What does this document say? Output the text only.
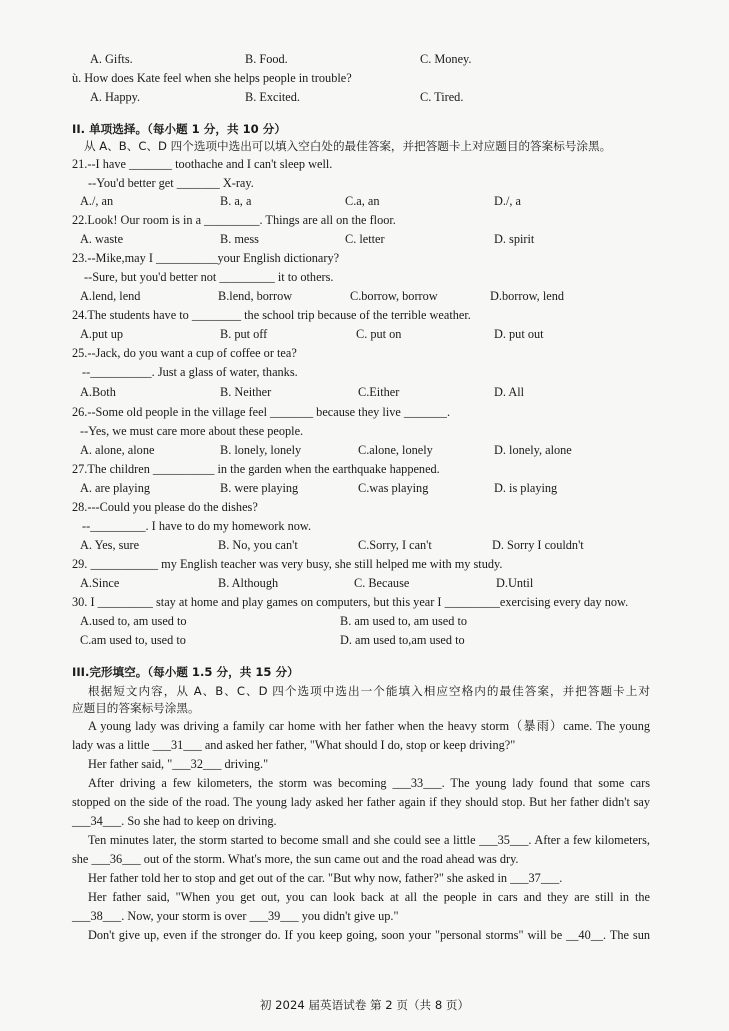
A. Gifts.	B. Food.	C. Money.
ù. How does Kate feel when she helps people in trouble?
A. Happy.	B. Excited.	C. Tired.
II. 单项选择。（每小题 1 分，共 10 分）
从 A、B、C、D 四个选项中选出可以填入空白处的最佳答案，并把答题卡上对应题目的答案标号涂黑。
21.--I have _______ toothache and I can't sleep well.
--You'd better get _______ X-ray.
A./, an	B. a, a	C.a, an	D./, a
22.Look! Our room is in a _________. Things are all on the floor.
A. waste	B. mess	C. letter	D. spirit
23.--Mike,may I __________your English dictionary?
--Sure, but you'd better not _________ it to others.
A.lend, lend	B.lend, borrow	C.borrow, borrow	D.borrow, lend
24.The students have to ________ the school trip because of the terrible weather.
A.put up	B. put off	C. put on	D. put out
25.--Jack, do you want a cup of coffee or tea?
--__________. Just a glass of water, thanks.
A.Both	B. Neither	C.Either	D. All
26.--Some old people in the village feel _______ because they live _______.
--Yes, we must care more about these people.
A. alone, alone	B. lonely, lonely	C.alone, lonely	D. lonely, alone
27.The children __________ in the garden when the earthquake happened.
A. are playing	B. were playing	C.was playing	D. is playing
28.---Could you please do the dishes?
--_________. I have to do my homework now.
A. Yes, sure	B. No, you can't	C.Sorry, I can't	D. Sorry I couldn't
29. ___________ my English teacher was very busy, she still helped me with my study.
A.Since	B. Although	C. Because	D.Until
30. I _________ stay at home and play games on computers, but this year I _________exercising every day now.
A.used to, am used to	B. am used to, am used to
C.am used to, used to	D. am used to,am used to
III.完形填空。（每小题 1.5 分，共 15 分）
根据短文内容，从 A、B、C、D 四个选项中选出一个能填入相应空格内的最佳答案，并把答题卡上对
应题目的答案标号涂黑。
A young lady was driving a family car home with her father when the heavy storm（暴雨）came. The young
lady was a little ___31___ and asked her father, "What should I do, stop or keep driving?"
Her father said, "___32___ driving."
After driving a few kilometers, the storm was becoming ___33___. The young lady found that some cars
stopped on the side of the road. The young lady asked her father again if they should stop. But her father didn't say
___34___. So she had to keep on driving.
Ten minutes later, the storm started to become small and she could see a little ___35___. After a few kilometers,
she ___36___ out of the storm. What's more, the sun came out and the road ahead was dry.
Her father told her to stop and get out of the car. "But why now, father?" she asked in ___37___.
Her father said, "When you get out, you can look back at all the people in cars and they are still in the
___38___. Now, your storm is over ___39___ you didn't give up."
Don't give up, even if the stronger do. If you keep going, soon your "personal storms" will be __40__. The sun
初 2024 届英语试卷 第 2 页（共 8 页）
